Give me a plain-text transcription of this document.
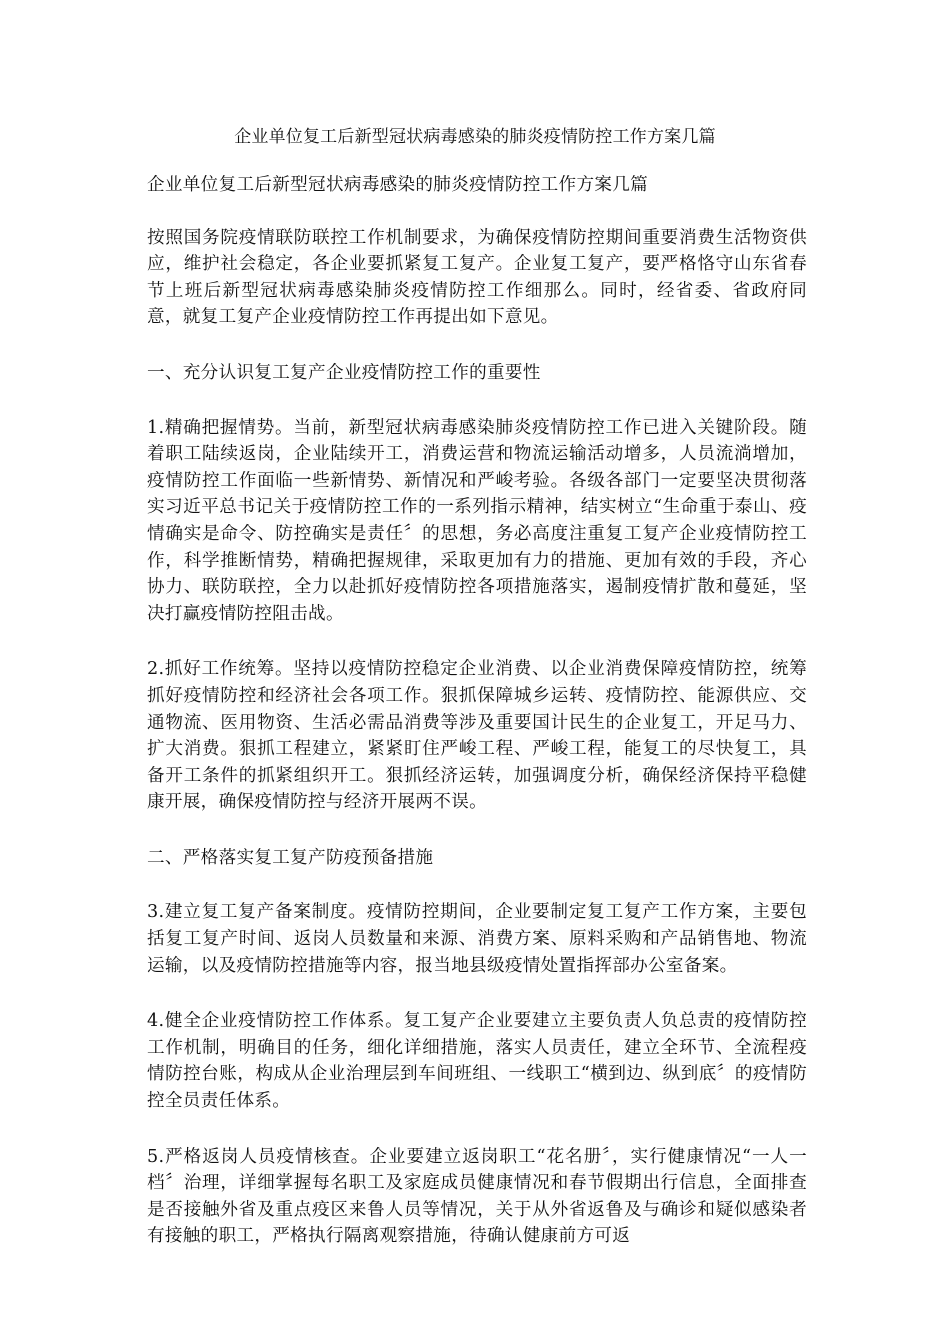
企业单位复工后新型冠状病毒感染的肺炎疫情防控工作方案几篇

企业单位复工后新型冠状病毒感染的肺炎疫情防控工作方案几篇

按照国务院疫情联防联控工作机制要求，为确保疫情防控期间重要消费生活物资供应，维护社会稳定，各企业要抓紧复工复产。企业复工复产，要严格恪守山东省春节上班后新型冠状病毒感染肺炎疫情防控工作细那么。同时，经省委、省政府同意，就复工复产企业疫情防控工作再提出如下意见。

一、充分认识复工复产企业疫情防控工作的重要性

1.精确把握情势。当前，新型冠状病毒感染肺炎疫情防控工作已进入关键阶段。随着职工陆续返岗，企业陆续开工，消费运营和物流运输活动增多，人员流淌增加，疫情防控工作面临一些新情势、新情况和严峻考验。各级各部门一定要坚决贯彻落实习近平总书记关于疫情防控工作的一系列指示精神，结实树立“生命重于泰山、疫情确实是命令、防控确实是责任〞的思想，务必高度注重复工复产企业疫情防控工作，科学推断情势，精确把握规律，采取更加有力的措施、更加有效的手段，齐心协力、联防联控，全力以赴抓好疫情防控各项措施落实，遏制疫情扩散和蔓延，坚决打赢疫情防控阻击战。

2.抓好工作统筹。坚持以疫情防控稳定企业消费、以企业消费保障疫情防控，统筹抓好疫情防控和经济社会各项工作。狠抓保障城乡运转、疫情防控、能源供应、交通物流、医用物资、生活必需品消费等涉及重要国计民生的企业复工，开足马力、扩大消费。狠抓工程建立，紧紧盯住严峻工程、严峻工程，能复工的尽快复工，具备开工条件的抓紧组织开工。狠抓经济运转，加强调度分析，确保经济保持平稳健康开展，确保疫情防控与经济开展两不误。

二、严格落实复工复产防疫预备措施

3.建立复工复产备案制度。疫情防控期间，企业要制定复工复产工作方案，主要包括复工复产时间、返岗人员数量和来源、消费方案、原料采购和产品销售地、物流运输，以及疫情防控措施等内容，报当地县级疫情处置指挥部办公室备案。

4.健全企业疫情防控工作体系。复工复产企业要建立主要负责人负总责的疫情防控工作机制，明确目的任务，细化详细措施，落实人员责任，建立全环节、全流程疫情防控台账，构成从企业治理层到车间班组、一线职工“横到边、纵到底〞的疫情防控全员责任体系。

5.严格返岗人员疫情核查。企业要建立返岗职工“花名册〞，实行健康情况“一人一档〞治理，详细掌握每名职工及家庭成员健康情况和春节假期出行信息，全面排查是否接触外省及重点疫区来鲁人员等情况，关于从外省返鲁及与确诊和疑似感染者有接触的职工，严格执行隔离观察措施，待确认健康前方可返
